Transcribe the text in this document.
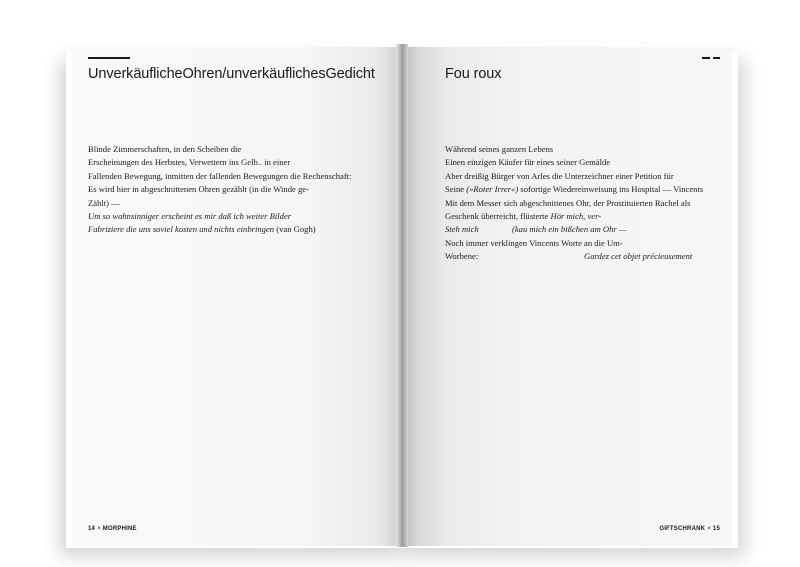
UnverkäuflicheOhren/unverkäuflichesGedicht
Blinde Zimmerschaften, in den Scheiben die
Erscheinungen des Herbstes, Verwettern ins Gelb.. in einer
Fallenden Bewegung, inmitten der fallenden Bewegungen die Rechenschaft:
Es wird hier in abgeschnittenen Ohren gezählt (in die Winde ge-
Zählt) —
Um so wahnsinniger erscheint es mir daß ich weiter Bilder
Fabriziere die uns soviel kosten und nichts einbringen (van Gogh)
14 × MORPHINE
Fou roux
Während seines ganzen Lebens
Einen einzigen Käufer für eines seiner Gemälde
Aber dreißig Bürger von Arles die Unterzeichner einer Petition für
Seine (»Roter Irrer«) sofortige Wiedereinweisung ins Hospital — Vincents
Mit dem Messer sich abgeschnittenes Ohr, der Prostituierten Rachel als
Geschenk überreicht, flüsterte Hör mich, ver-
Steh mich	(kau mich ein bißchen am Ohr —
Noch immer verklingen Vincents Worte an die Um-
Worbene:	Gardez cet objet précieusement
GIFTSCHRANK × 15
